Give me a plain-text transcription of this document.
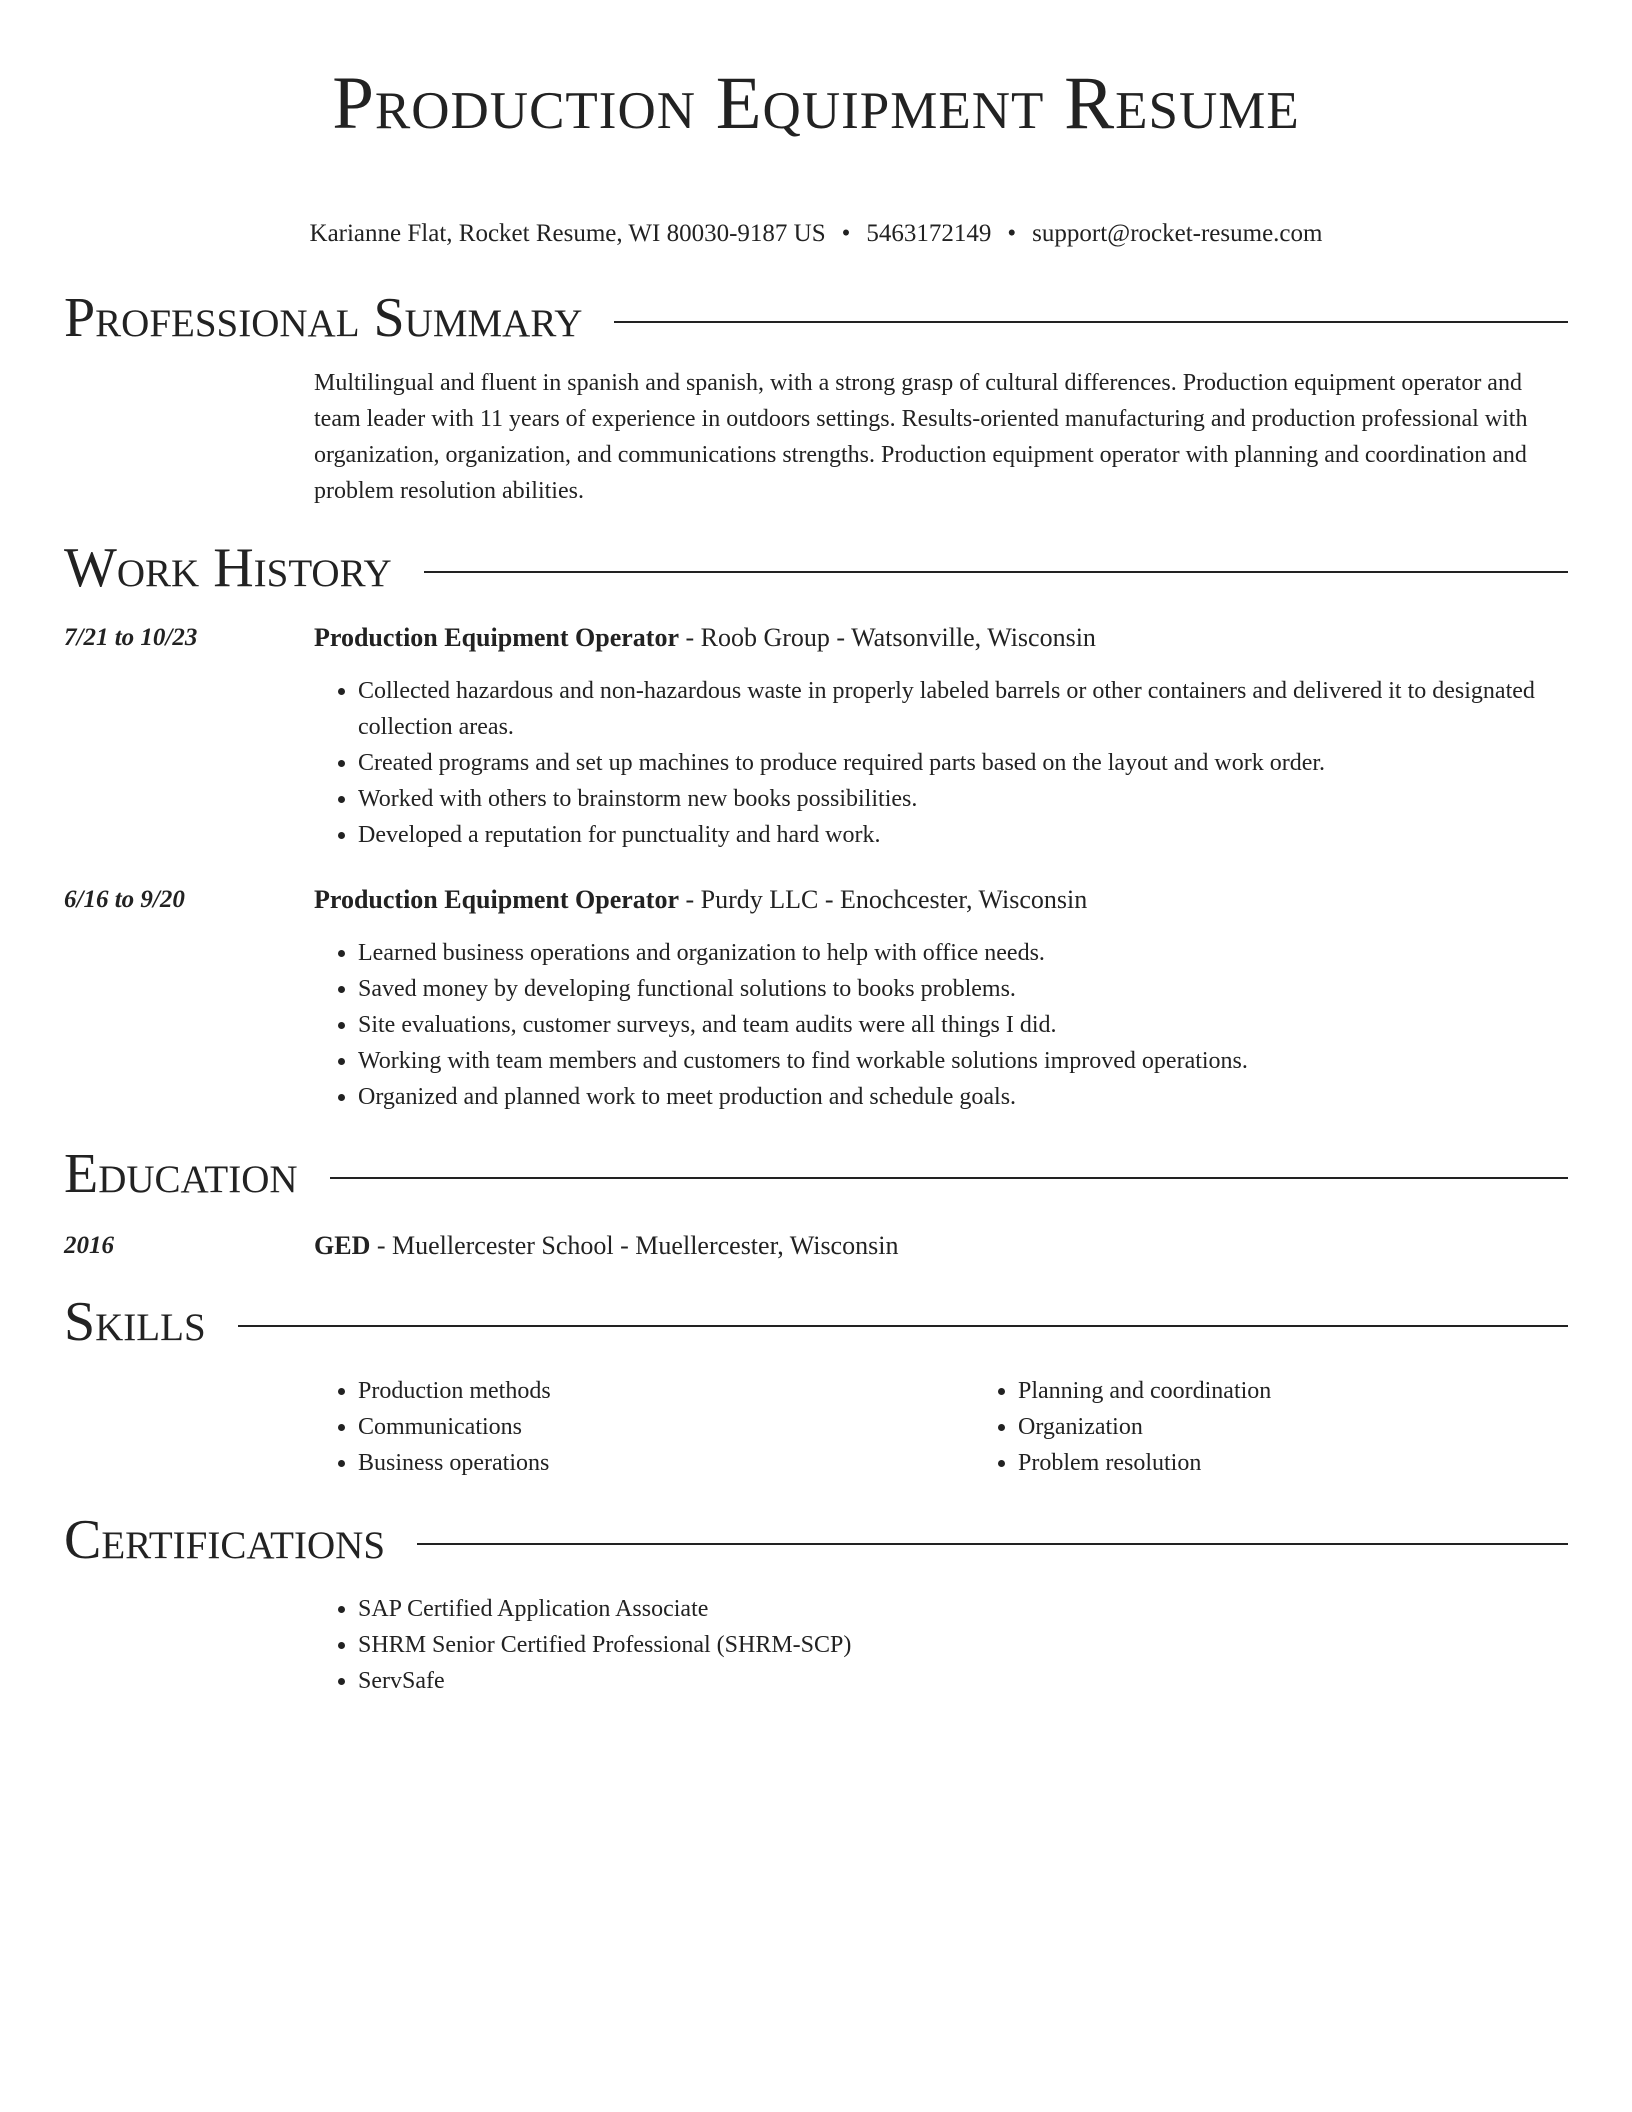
Production Equipment Resume
Karianne Flat, Rocket Resume, WI 80030-9187 US • 5463172149 • support@rocket-resume.com
Professional Summary

Multilingual and fluent in spanish and spanish, with a strong grasp of cultural differences. Production equipment operator and team leader with 11 years of experience in outdoors settings. Results-oriented manufacturing and production professional with organization, organization, and communications strengths. Production equipment operator with planning and coordination and problem resolution abilities.

Work History
7/21 to 10/23	Production Equipment Operator - Roob Group - Watsonville, Wisconsin
• Collected hazardous and non-hazardous waste in properly labeled barrels or other containers and delivered it to designated collection areas.
• Created programs and set up machines to produce required parts based on the layout and work order.
• Worked with others to brainstorm new books possibilities.
• Developed a reputation for punctuality and hard work.
6/16 to 9/20	Production Equipment Operator - Purdy LLC - Enochcester, Wisconsin
• Learned business operations and organization to help with office needs.
• Saved money by developing functional solutions to books problems.
• Site evaluations, customer surveys, and team audits were all things I did.
• Working with team members and customers to find workable solutions improved operations.
• Organized and planned work to meet production and schedule goals.
Education
2016	GED - Muellercester School - Muellercester, Wisconsin
Skills
• Production methods
• Communications
• Business operations
• Planning and coordination
• Organization
• Problem resolution
Certifications
• SAP Certified Application Associate
• SHRM Senior Certified Professional (SHRM-SCP)
• ServSafe
